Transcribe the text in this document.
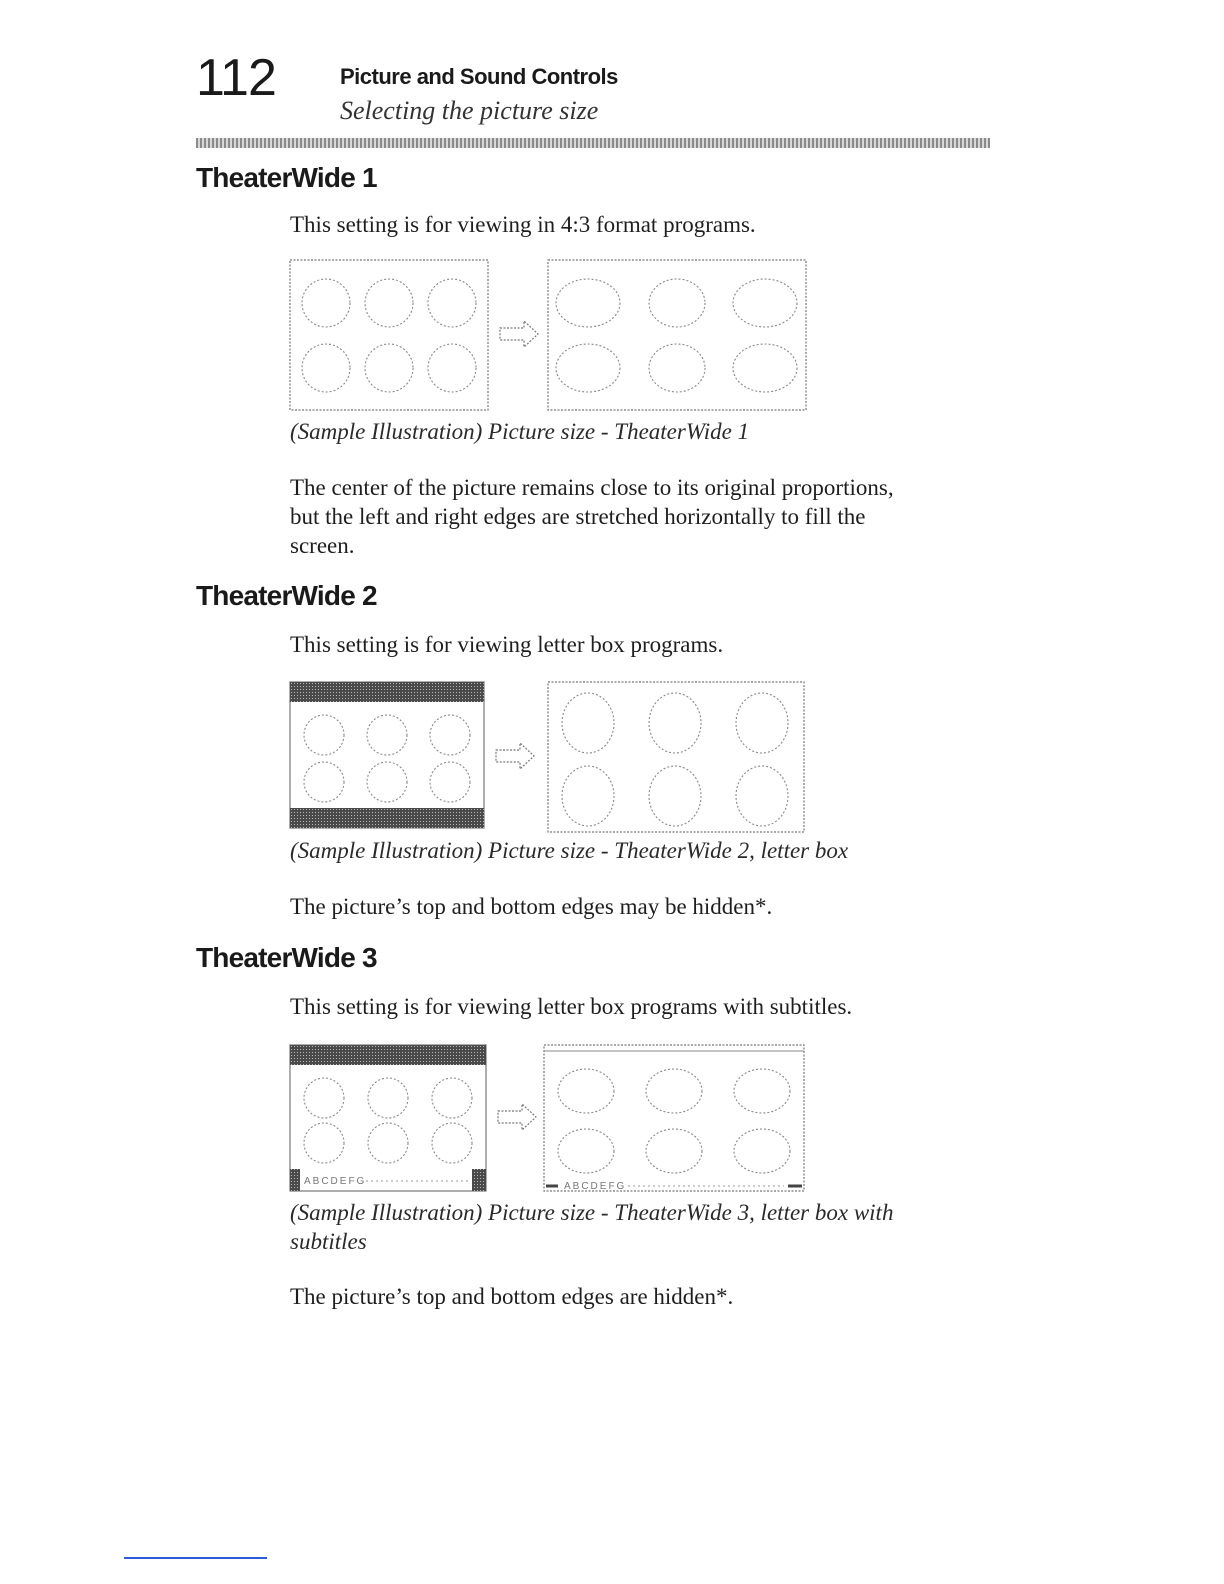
112	Picture and Sound Controls
Selecting the picture size
TheaterWide 1
This setting is for viewing in 4:3 format programs.
(Sample Illustration) Picture size - TheaterWide 1
The center of the picture remains close to its original proportions,
but the left and right edges are stretched horizontally to fill the
screen.
TheaterWide 2
This setting is for viewing letter box programs.
(Sample Illustration) Picture size - TheaterWide 2, letter box
The picture’s top and bottom edges may be hidden*.
TheaterWide 3
This setting is for viewing letter box programs with subtitles.
ABCDEFG	ABCDEFG
(Sample Illustration) Picture size - TheaterWide 3, letter box with
subtitles
The picture’s top and bottom edges are hidden*.
